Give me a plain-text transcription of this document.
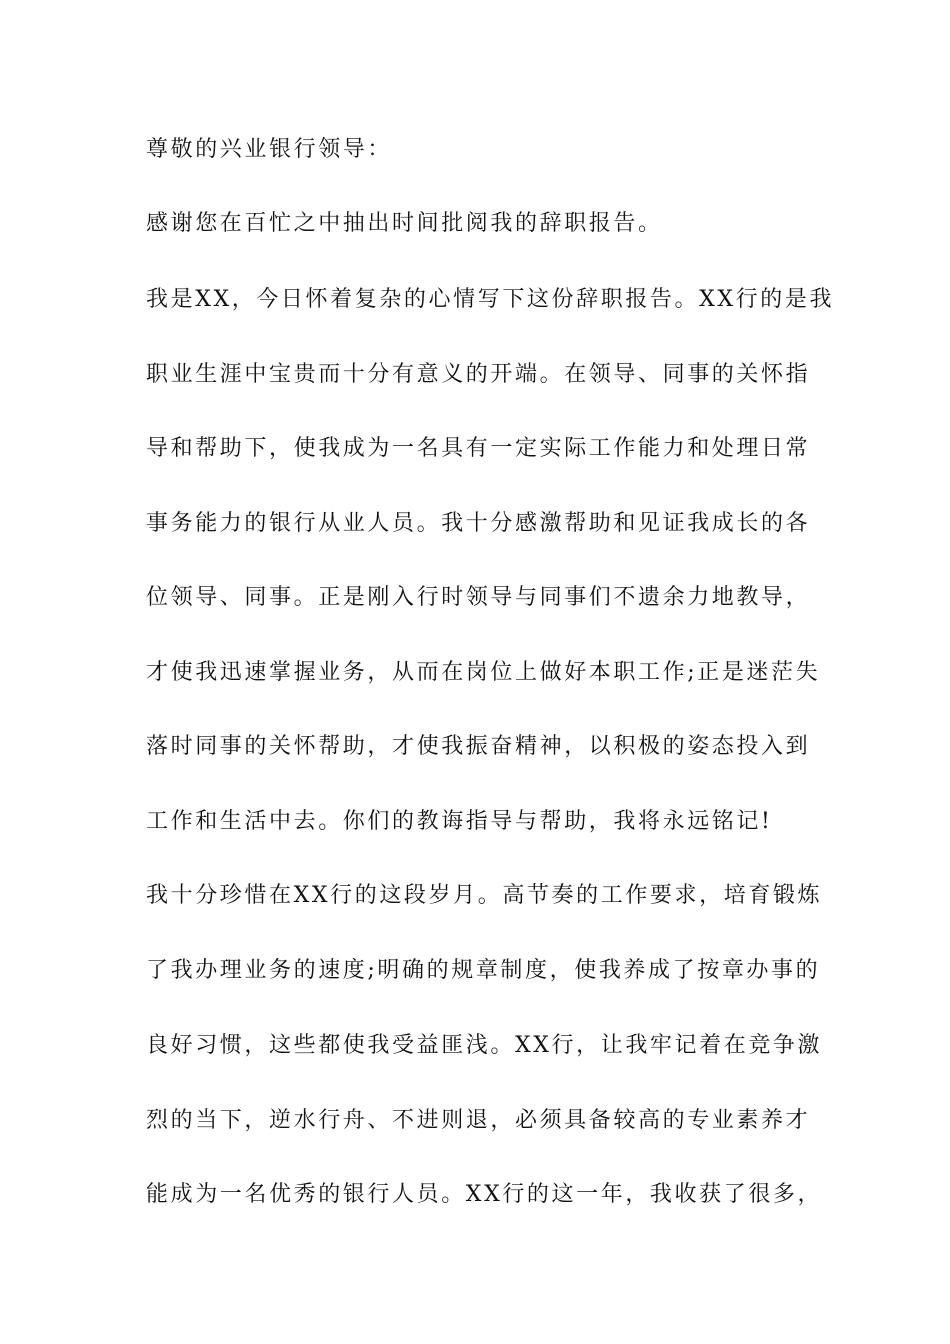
尊敬的兴业银行领导：
感谢您在百忙之中抽出时间批阅我的辞职报告。
我是XX，今日怀着复杂的心情写下这份辞职报告。XX行的是我
职业生涯中宝贵而十分有意义的开端。在领导、同事的关怀指
导和帮助下，使我成为一名具有一定实际工作能力和处理日常
事务能力的银行从业人员。我十分感激帮助和见证我成长的各
位领导、同事。正是刚入行时领导与同事们不遗余力地教导，
才使我迅速掌握业务，从而在岗位上做好本职工作;正是迷茫失
落时同事的关怀帮助，才使我振奋精神，以积极的姿态投入到
工作和生活中去。你们的教诲指导与帮助，我将永远铭记!
我十分珍惜在XX行的这段岁月。高节奏的工作要求，培育锻炼
了我办理业务的速度;明确的规章制度，使我养成了按章办事的
良好习惯，这些都使我受益匪浅。XX行，让我牢记着在竞争激
烈的当下，逆水行舟、不进则退，必须具备较高的专业素养才
能成为一名优秀的银行人员。XX行的这一年，我收获了很多，
